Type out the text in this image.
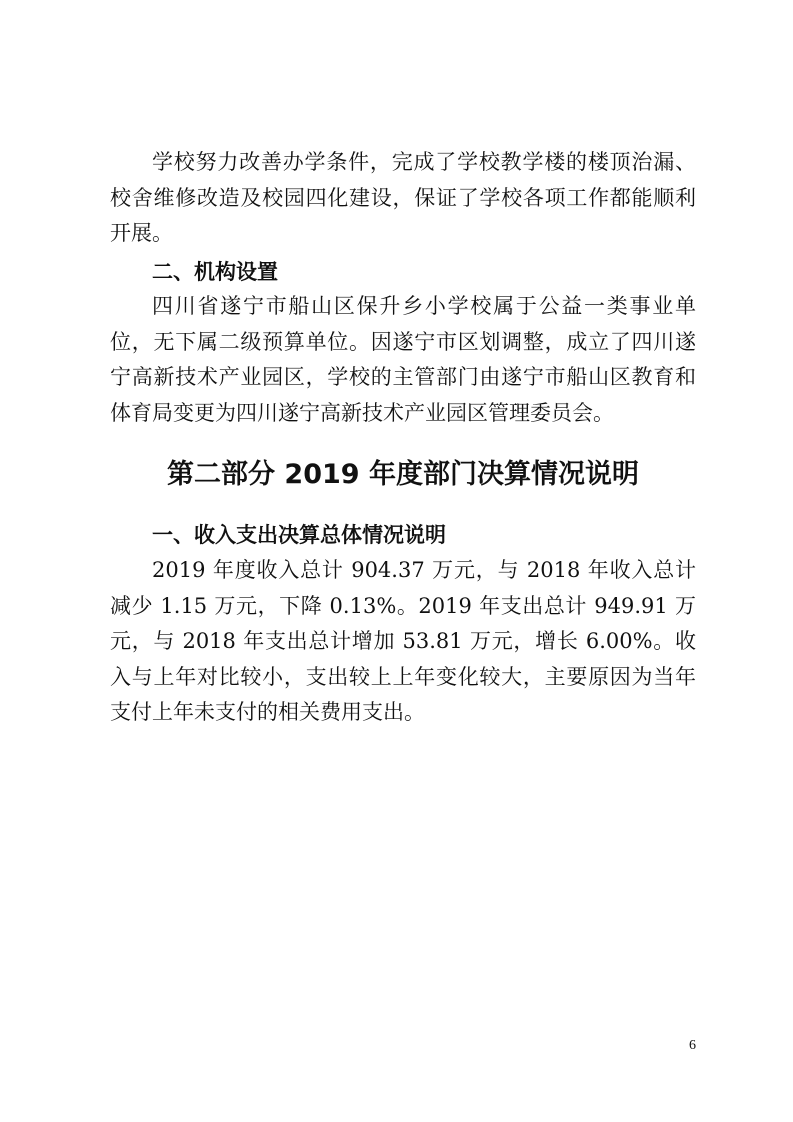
学校努力改善办学条件，完成了学校教学楼的楼顶治漏、校舍维修改造及校园四化建设，保证了学校各项工作都能顺利开展。

二、机构设置

四川省遂宁市船山区保升乡小学校属于公益一类事业单位，无下属二级预算单位。因遂宁市区划调整，成立了四川遂宁高新技术产业园区，学校的主管部门由遂宁市船山区教育和体育局变更为四川遂宁高新技术产业园区管理委员会。

第二部分 2019 年度部门决算情况说明

一、收入支出决算总体情况说明

2019 年度收入总计 904.37 万元，与 2018 年收入总计减少 1.15 万元，下降 0.13%。2019 年支出总计 949.91 万元，与 2018 年支出总计增加 53.81 万元，增长 6.00%。收入与上年对比较小，支出较上上年变化较大，主要原因为当年支付上年未支付的相关费用支出。

6
